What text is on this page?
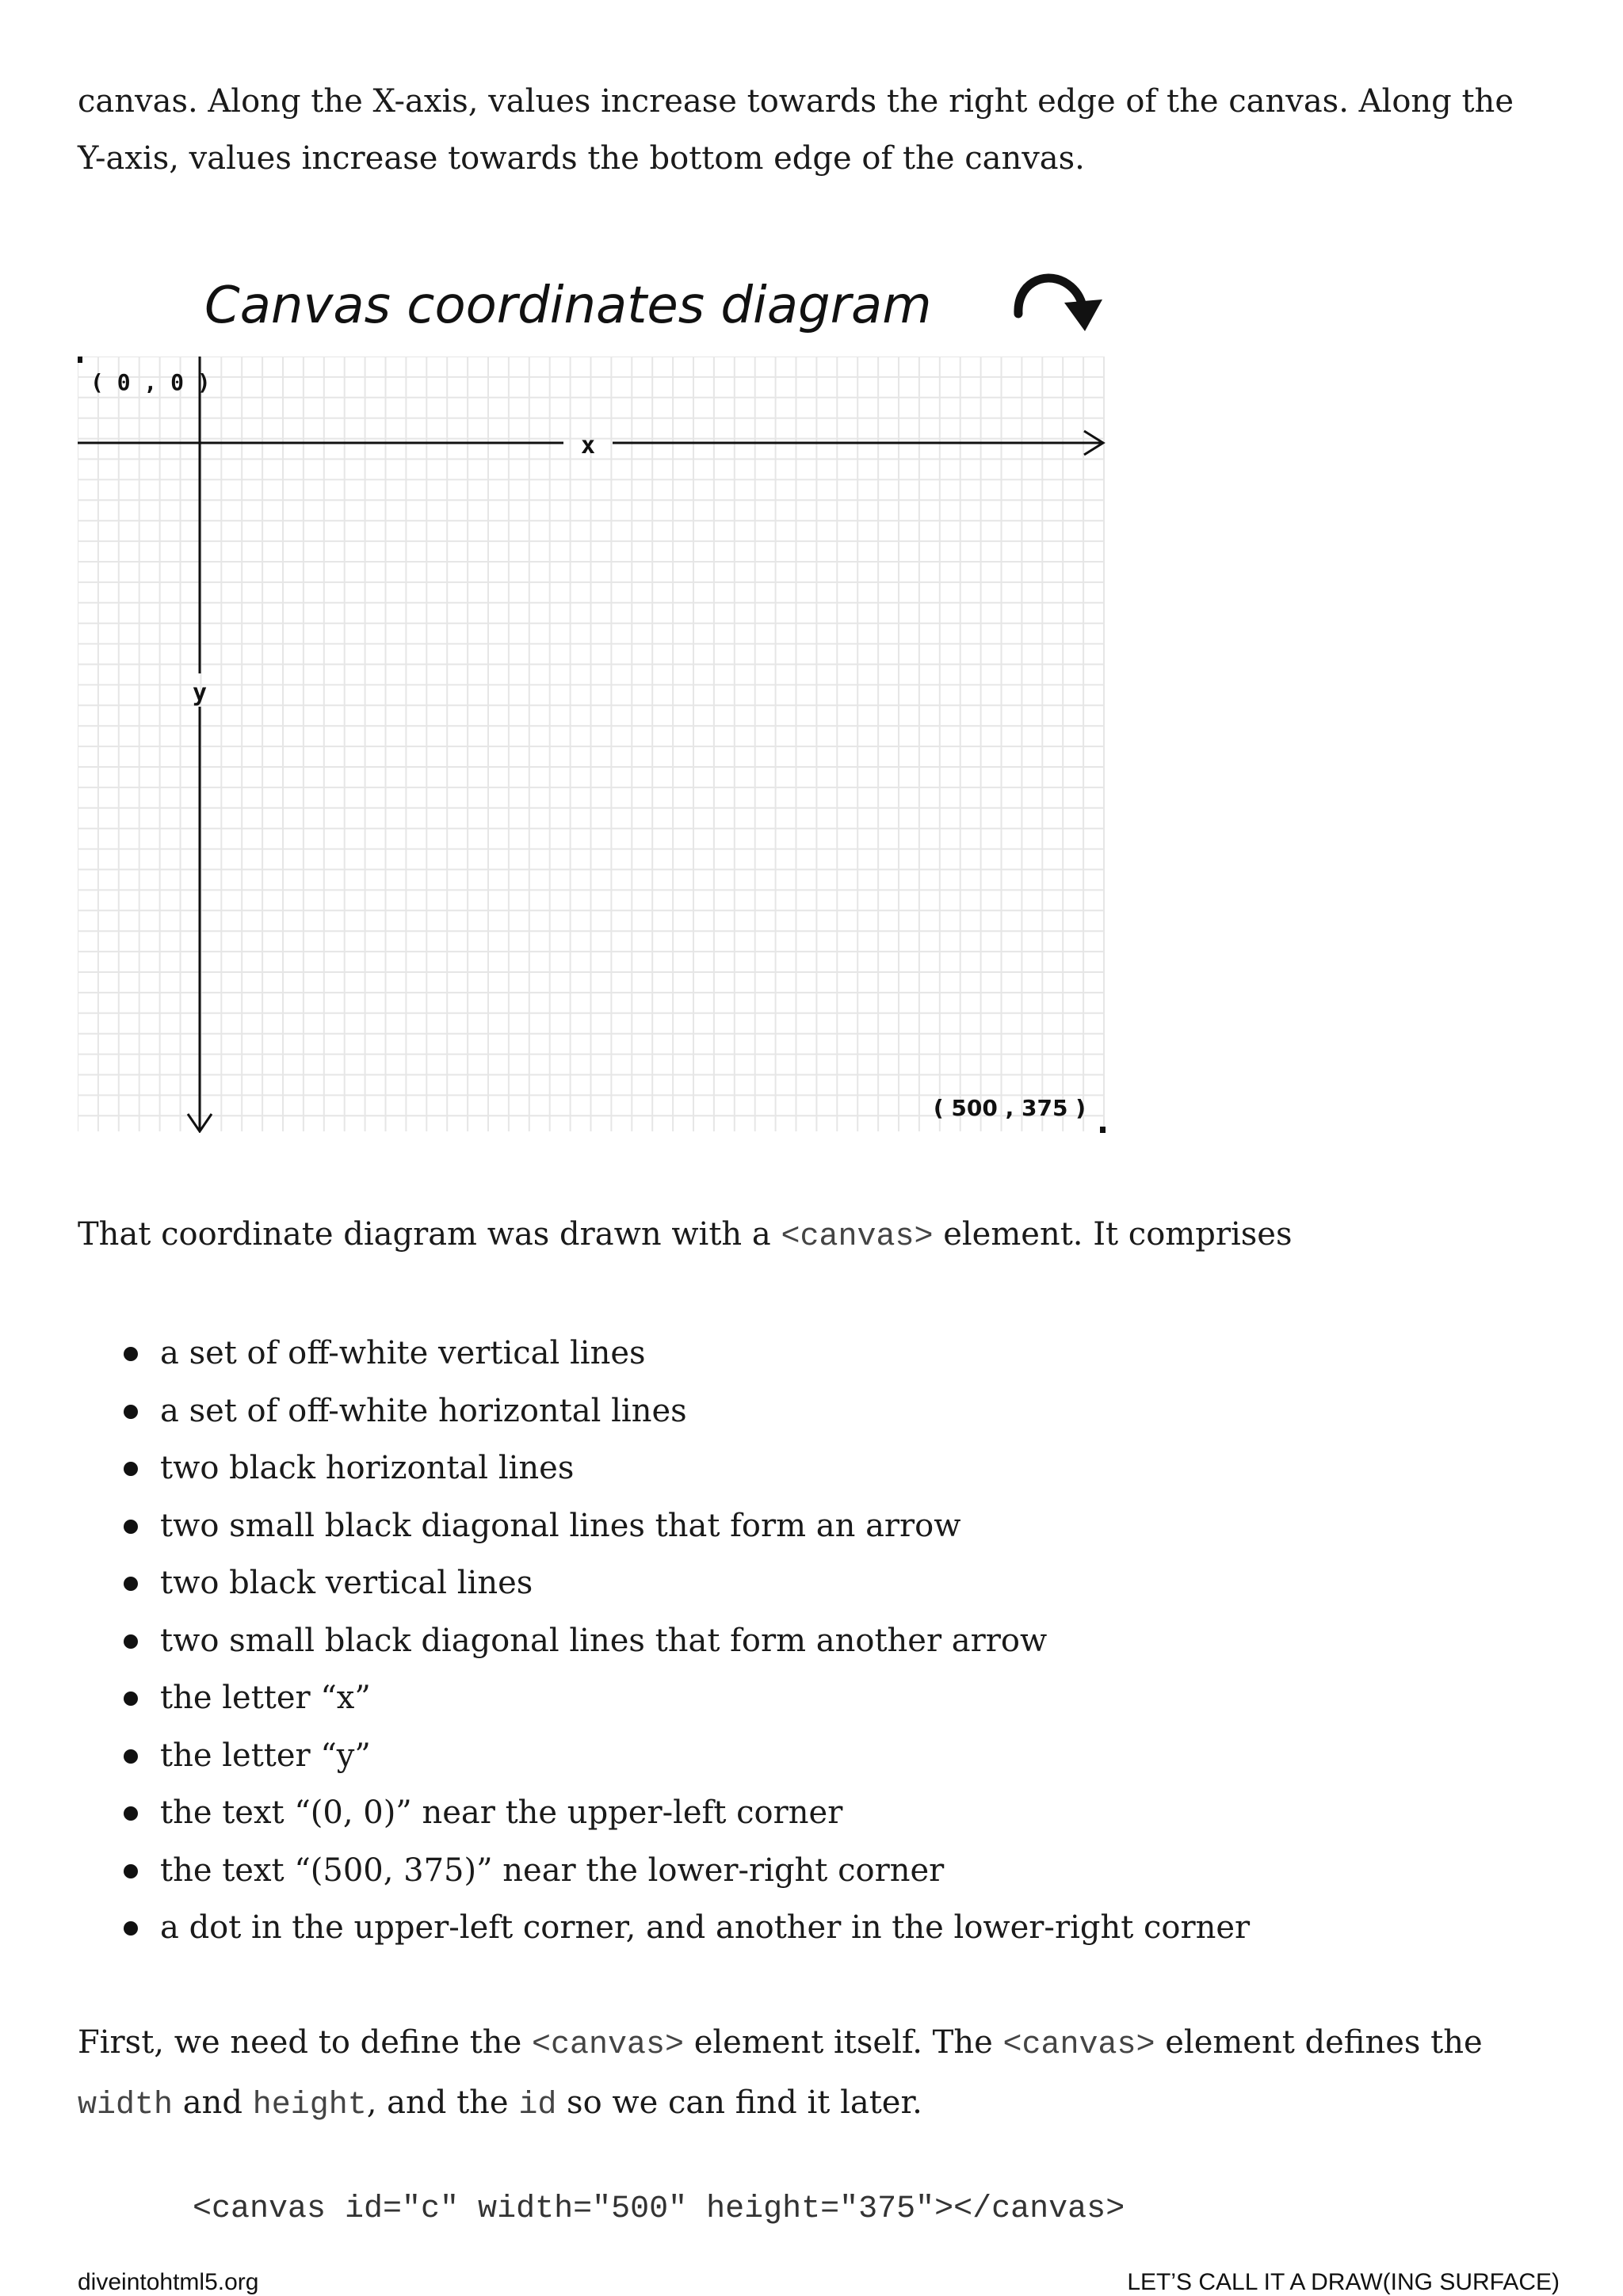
canvas. Along the X-axis, values increase towards the right edge of the canvas. Along the Y-axis, values increase towards the bottom edge of the canvas.

Canvas coordinates diagram
x
y
( 0 , 0 )
( 500 , 375 )

That coordinate diagram was drawn with a <canvas> element. It comprises

a set of off-white vertical lines
a set of off-white horizontal lines
two black horizontal lines
two small black diagonal lines that form an arrow
two black vertical lines
two small black diagonal lines that form another arrow
the letter “x”
the letter “y”
the text “(0, 0)” near the upper-left corner
the text “(500, 375)” near the lower-right corner
a dot in the upper-left corner, and another in the lower-right corner

First, we need to define the <canvas> element itself. The <canvas> element defines the width and height, and the id so we can find it later.

<canvas id="c" width="500" height="375"></canvas>
diveintohtml5.org	LET’S CALL IT A DRAW(ING SURFACE)
